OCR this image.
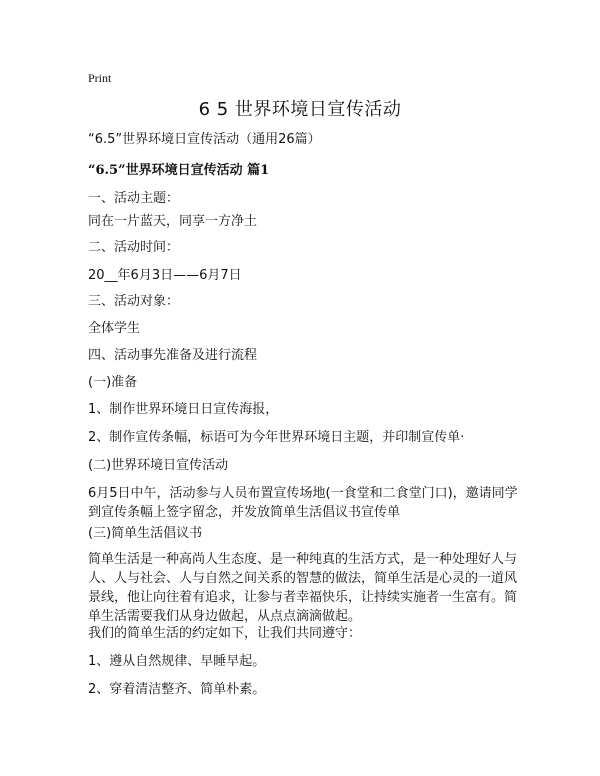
Print
6 5 世界环境日宣传活动
“6.5”世界环境日宣传活动（通用26篇）
“6.5”世界环境日宣传活动 篇1
一、活动主题：
同在一片蓝天，同享一方净土
二、活动时间：
20__年6月3日——6月7日
三、活动对象：
全体学生
四、活动事先准备及进行流程
(一)准备
1、制作世界环境日日宣传海报，
2、制作宣传条幅，标语可为今年世界环境日主题，并印制宣传单·
(二)世界环境日宣传活动
6月5日中午，活动参与人员布置宣传场地(一食堂和二食堂门口)，邀请同学到宣传条幅上签字留念，并发放简单生活倡议书宣传单
(三)简单生活倡议书
简单生活是一种高尚人生态度、是一种纯真的生活方式，是一种处理好人与人、人与社会、人与自然之间关系的智慧的做法，简单生活是心灵的一道风景线，他让向往着有追求，让参与者幸福快乐，让持续实施者一生富有。简单生活需要我们从身边做起，从点点滴滴做起。
我们的简单生活的约定如下，让我们共同遵守：
1、遵从自然规律、早睡早起。
2、穿着清洁整齐、简单朴素。
